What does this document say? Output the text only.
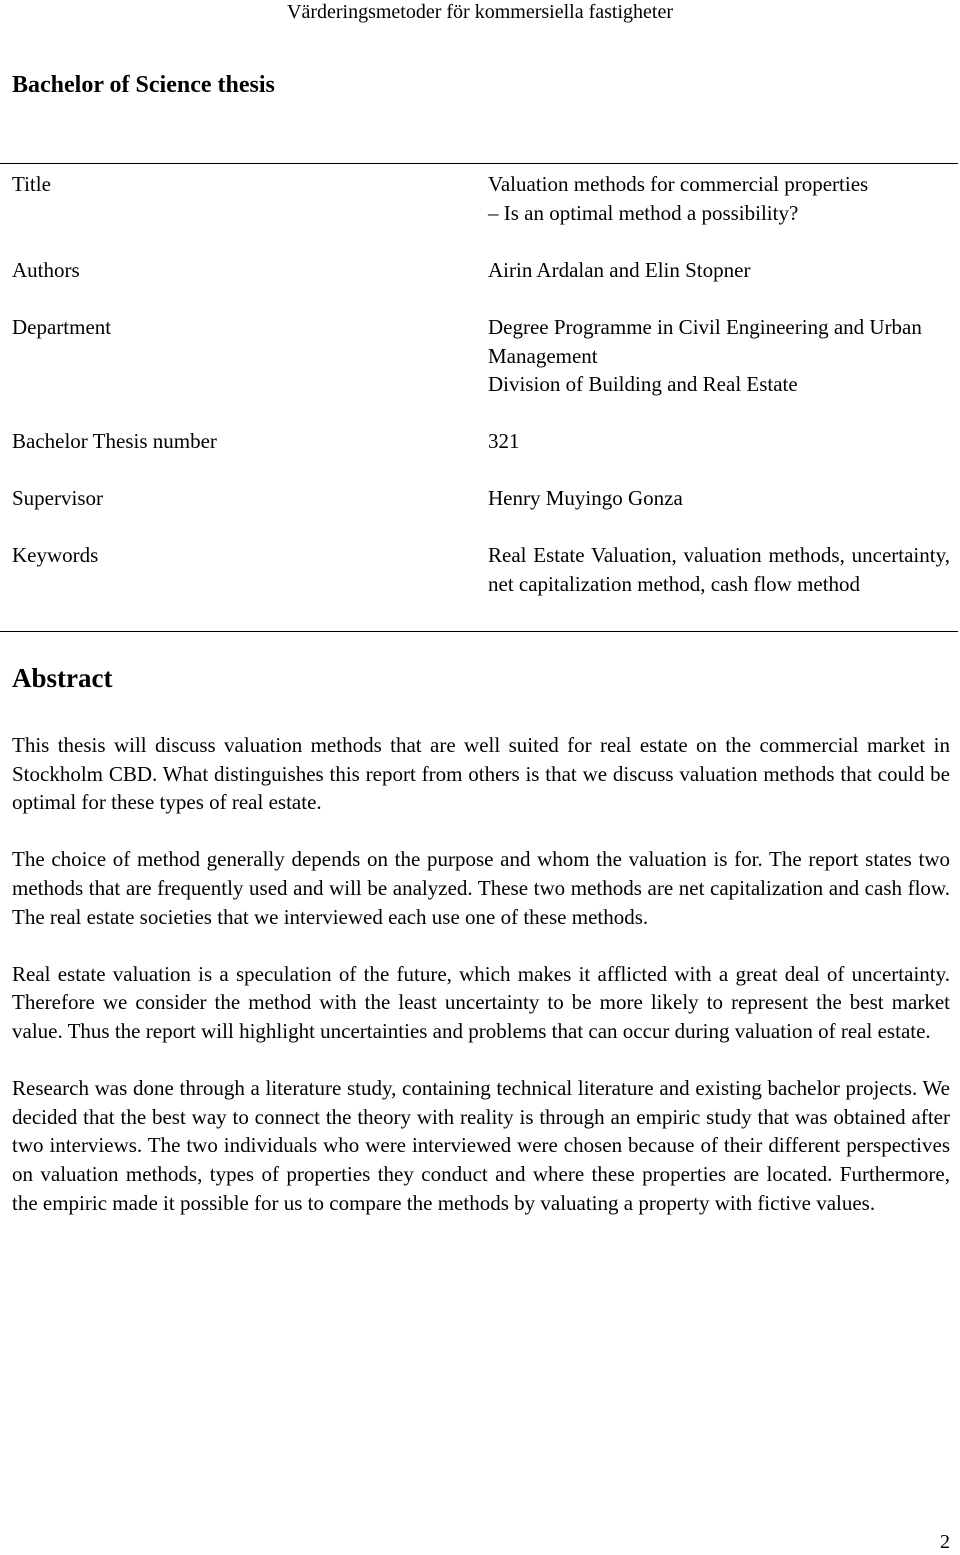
Värderingsmetoder för kommersiella fastigheter
Bachelor of Science thesis
Title	Valuation methods for commercial properties
– Is an optimal method a possibility?
Authors	Airin Ardalan and Elin Stopner
Department	Degree Programme in Civil Engineering and Urban Management
Division of Building and Real Estate
Bachelor Thesis number	321
Supervisor	Henry Muyingo Gonza
Keywords	Real Estate Valuation, valuation methods, uncertainty, net capitalization method, cash flow method
Abstract

This thesis will discuss valuation methods that are well suited for real estate on the commercial market in Stockholm CBD. What distinguishes this report from others is that we discuss valuation methods that could be optimal for these types of real estate.

The choice of method generally depends on the purpose and whom the valuation is for. The report states two methods that are frequently used and will be analyzed. These two methods are net capitalization and cash flow. The real estate societies that we interviewed each use one of these methods.

Real estate valuation is a speculation of the future, which makes it afflicted with a great deal of uncertainty. Therefore we consider the method with the least uncertainty to be more likely to represent the best market value. Thus the report will highlight uncertainties and problems that can occur during valuation of real estate.

Research was done through a literature study, containing technical literature and existing bachelor projects. We decided that the best way to connect the theory with reality is through an empiric study that was obtained after two interviews. The two individuals who were interviewed were chosen because of their different perspectives on valuation methods, types of properties they conduct and where these properties are located. Furthermore, the empiric made it possible for us to compare the methods by valuating a property with fictive values.

2
